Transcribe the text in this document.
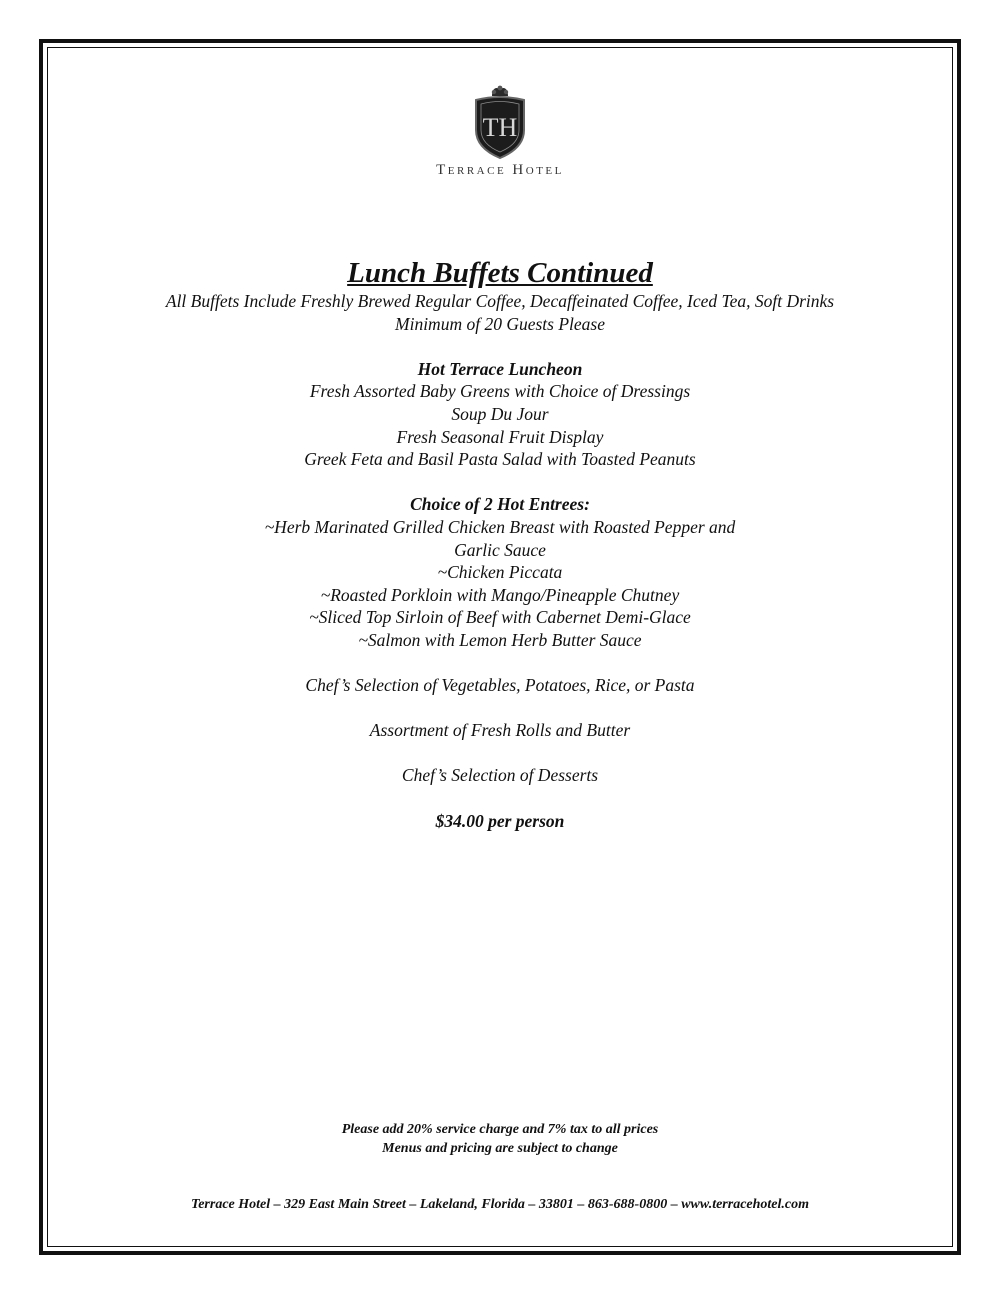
TH
Terrace Hotel

Lunch Buffets Continued

All Buffets Include Freshly Brewed Regular Coffee, Decaffeinated Coffee, Iced Tea, Soft Drinks

Minimum of 20 Guests Please

Hot Terrace Luncheon

Fresh Assorted Baby Greens with Choice of Dressings

Soup Du Jour

Fresh Seasonal Fruit Display

Greek Feta and Basil Pasta Salad with Toasted Peanuts

Choice of 2 Hot Entrees:

~Herb Marinated Grilled Chicken Breast with Roasted Pepper and

Garlic Sauce

~Chicken Piccata

~Roasted Porkloin with Mango/Pineapple Chutney

~Sliced Top Sirloin of Beef with Cabernet Demi-Glace

~Salmon with Lemon Herb Butter Sauce

Chef’s Selection of Vegetables, Potatoes, Rice, or Pasta

Assortment of Fresh Rolls and Butter

Chef’s Selection of Desserts

$34.00 per person

Please add 20% service charge and 7% tax to all prices
Menus and pricing are subject to change
Terrace Hotel – 329 East Main Street – Lakeland, Florida – 33801 – 863-688-0800 – www.terracehotel.com
